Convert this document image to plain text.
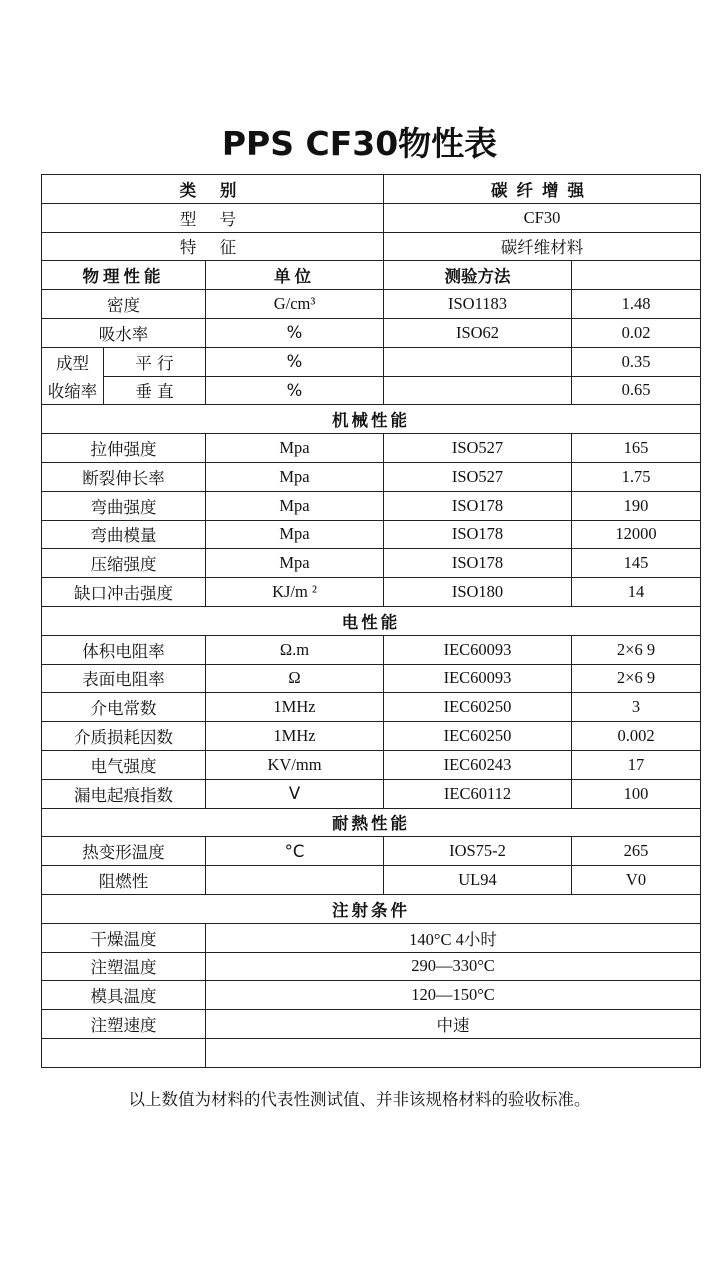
PPS CF30物性表
类 别			碳纤增强	
型 号			CF30	
特 征			碳纤维材料	
物理性能		单位	测验方法	
密度		G/cm³	ISO1183	1.48
吸水率		%	ISO62	0.02
成型	平 行	%		0.35
收缩率	垂 直	%		0.65
机械性能				
拉伸强度		Mpa	ISO527	165
断裂伸长率		Mpa	ISO527	1.75
弯曲强度		Mpa	ISO178	190
弯曲模量		Mpa	ISO178	12000
压缩强度		Mpa	ISO178	145
缺口冲击强度		KJ/m ²	ISO180	14
电性能				
体积电阻率		Ω.m	IEC60093	2×6 9
表面电阻率		Ω	IEC60093	2×6 9
介电常数		1MHz	IEC60250	3
介质损耗因数		1MHz	IEC60250	0.002
电气强度		KV/mm	IEC60243	17
漏电起痕指数		V	IEC60112	100
耐熱性能				
热变形温度		°C	IOS75-2	265
阻燃性			UL94	V0
注射条件				
干燥温度		140°C 4小时		
注塑温度		290—330°C		
模具温度		120—150°C		
注塑速度		中速		

以上数值为材料的代表性测试值、并非该规格材料的验收标准。
